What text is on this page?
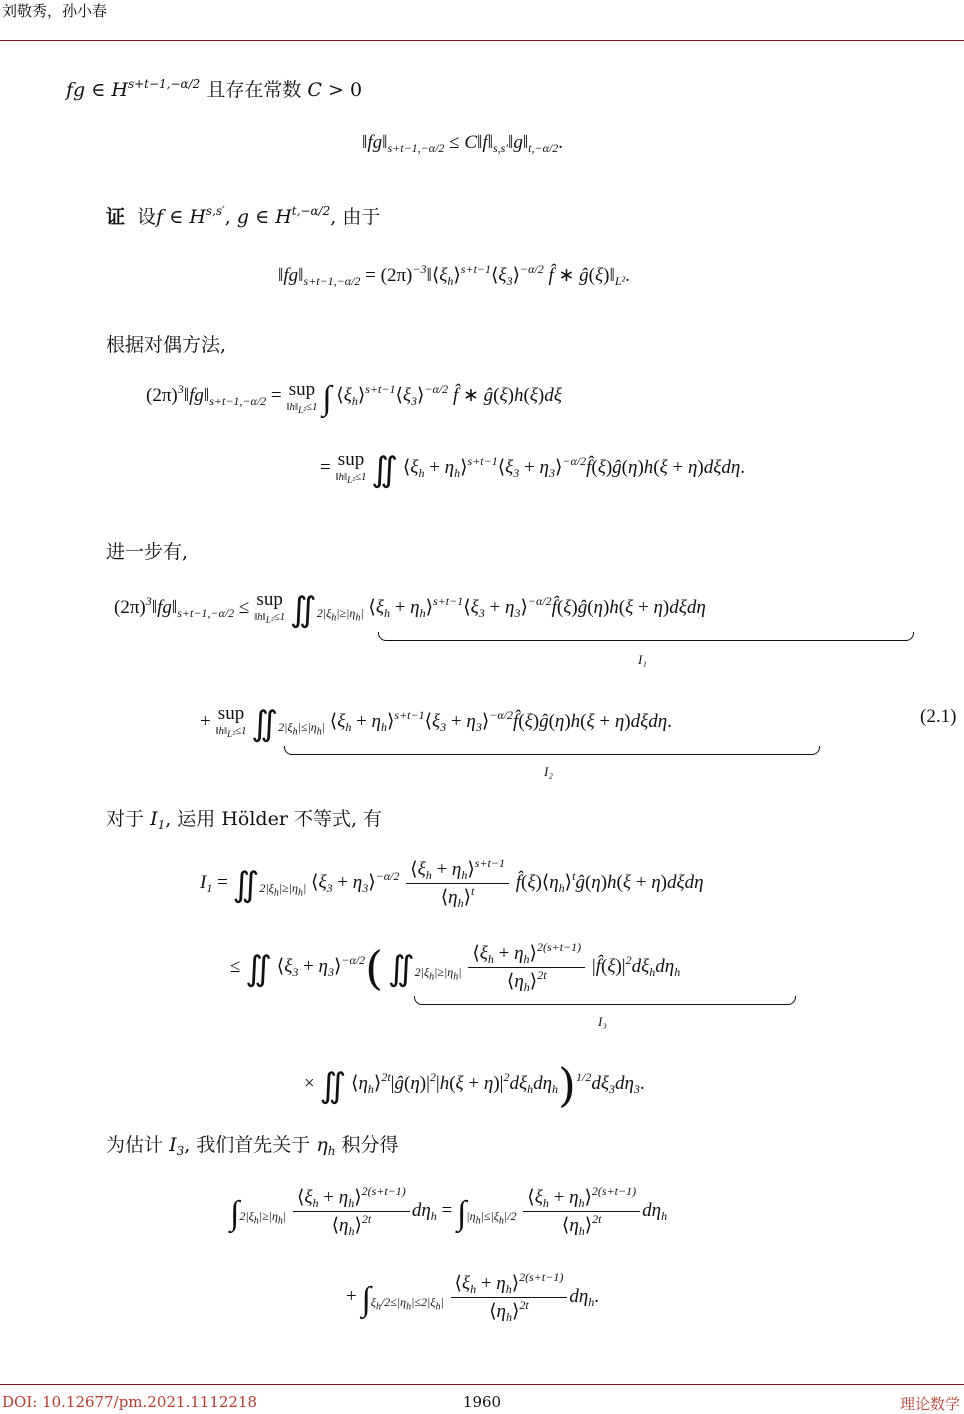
刘敬秀，孙小春
fg ∈ $H^{s+t-1,-\alpha/2}$ 且存在常数 C > 0
$‖fg‖_{s+t-1,-\alpha/2}$ ≤ $C‖f‖_{s,s'}‖g‖_{t,-\alpha/2}$.
证 设f ∈ $H^{s,s'}$, g ∈ $H^{t,-\alpha/2}$, 由于
$‖fg‖_{s+t-1,-\alpha/2}$ = $(2\pi)^{-3}‖⟨\xi_h⟩^{s+t-1}⟨\xi_3⟩^{-\alpha/2}$ f̂ ∗ $ĝ(\xi)‖_{L^2}$.
根据对偶方法,
$(2\pi)^3‖fg‖_{s+t-1,-\alpha/2}$ = sup
$‖h‖_{L^2}\le 1$ ∫ $⟨\xi_h⟩^{s+t-1}⟨\xi_3⟩^{-\alpha/2}$ f̂ ∗ ĝ(ξ)h(ξ)dξ
= sup
$‖h‖_{L^2}\le 1$ ∬ $⟨\xi_h$ + $\eta_h⟩^{s+t-1}⟨\xi_3$ + $\eta_3⟩^{-\alpha/2}f̂(\xi)ĝ(\eta)h(\xi + \eta)d\xi d\eta$.
进一步有,
$(2\pi)^3‖fg‖_{s+t-1,-\alpha/2}$ ≤ sup
$‖h‖_{L^2}\le 1$ $∬_{2|\xi_h|\ge|\eta_h|}$ $⟨\xi_h$ + $\eta_h⟩^{s+t-1}⟨\xi_3$ + $\eta_3⟩^{-\alpha/2}f̂(\xi)ĝ(\eta)h(\xi + \eta)d\xi d\eta$
I₁
+ sup
$‖h‖_{L^2}\le 1$ $∬_{2|\xi_h|\le|\eta_h|}$ $⟨\xi_h$ + $\eta_h⟩^{s+t-1}⟨\xi_3$ + $\eta_3⟩^{-\alpha/2}f̂(\xi)ĝ(\eta)h(\xi + \eta)d\xi d\eta$.
I₂
(2.1)
对于 $I_1$, 运用 Hölder 不等式, 有
$I_1$ = $∬_{2|\xi_h|\ge|\eta_h|}$ $⟨\xi_3$ + $\eta_3⟩^{-\alpha/2} \frac{⟨\xi_h + \eta_h⟩^{s+t-1}}{⟨\eta_h⟩^t}$ $f̂(\xi)⟨\eta_h⟩^tĝ(\eta)h(\xi + \eta)d\xi d\eta$
≤ ∬ $⟨\xi_3$ + $\eta_3⟩^{-\alpha/2}$( $∬_{2|\xi_h|\ge|\eta_h|} \frac{⟨\xi_h + \eta_h⟩^{2(s+t-1)}}{⟨\eta_h⟩^{2t}}$ $|f̂(\xi)|^2d\xi_hd\eta_h$
I₃
× ∬ $⟨\eta_h⟩^{2t}|ĝ(\eta)|^2|h(\xi + \eta)|^2d\xi_hd\eta_h)^{1/2}d\xi_3d\eta_3$.
为估计 $I_3$, 我们首先关于 $\eta_h$ 积分得
$\int_{2|\xi_h|\ge|\eta_h|} \frac{⟨\xi_h + \eta_h⟩^{2(s+t-1)}}{⟨\eta_h⟩^{2t}} d\eta_h = \int_{|\eta_h|\le|\xi_h|/2} \frac{⟨\xi_h + \eta_h⟩^{2(s+t-1)}}{⟨\eta_h⟩^{2t}} d\eta_h$
+ $\int_{\xi_h/2\le|\eta_h|\le 2|\xi_h|} \frac{⟨\xi_h + \eta_h⟩^{2(s+t-1)}}{⟨\eta_h⟩^{2t}} d\eta_h$.
DOI: 10.12677/pm.2021.1112218	1960	理论数学
